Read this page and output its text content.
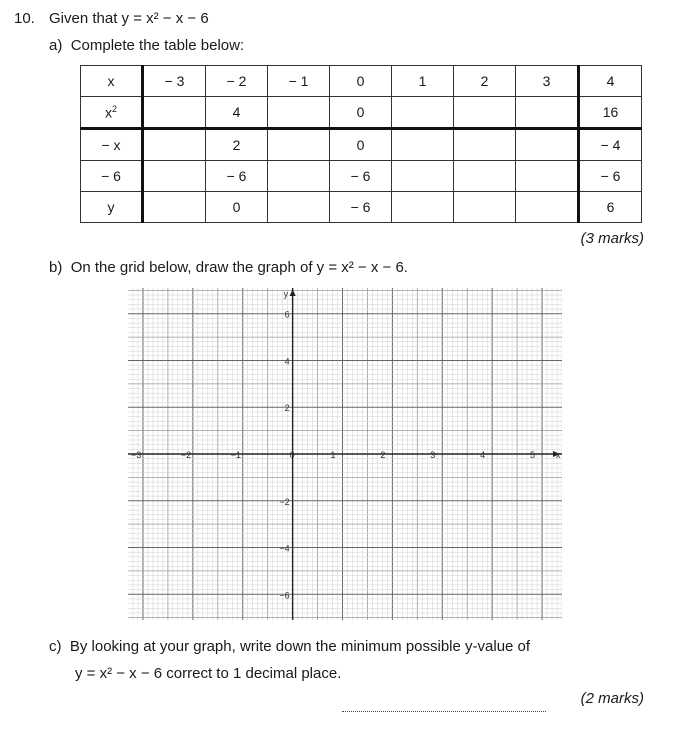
10. Given that y = x² − x − 6
a) Complete the table below:
x	− 3	− 2	− 1	0	1	2	3	4
$x^2$		4		0				16
− x		2		0				− 4
− 6		− 6		− 6				− 6
y		0		− 6				6
(3 marks)
b) On the grid below, draw the graph of y = x² − x − 6.
y
x
−3	−2	−1	0	1	2	3	4	5
6
4
2
−2
−4
−6
c) By looking at your graph, write down the minimum possible y-value of
y = x² − x − 6 correct to 1 decimal place.
(2 marks)
